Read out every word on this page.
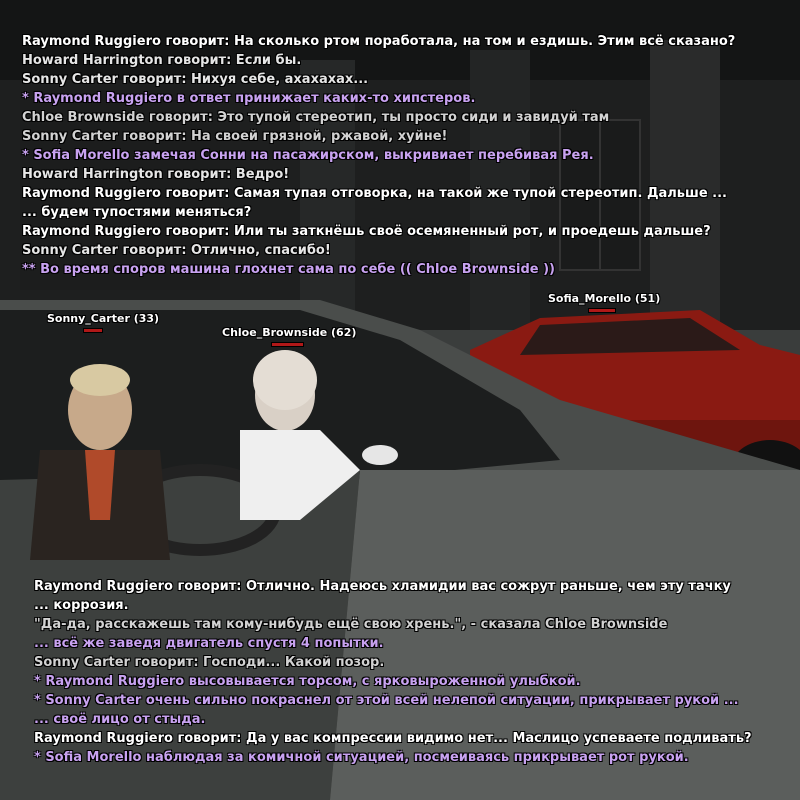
Raymond Ruggiero говорит: На сколько ртом поработала, на том и ездишь. Этим всё сказано?
Howard Harrington говорит: Если бы.
Sonny Carter говорит: Нихуя себе, ахахахах...
* Raymond Ruggiero в ответ принижает каких-то хипстеров.
Chloe Brownside говорит: Это тупой стереотип, ты просто сиди и завидуй там
Sonny Carter говорит: На своей грязной, ржавой, хуйне!
* Sofia Morello замечая Сонни на пасажирском, выкривиает перебивая Рея.
Howard Harrington говорит: Ведро!
Raymond Ruggiero говорит: Самая тупая отговорка, на такой же тупой стереотип. Дальше ...
... будем тупостями меняться?
Raymond Ruggiero говорит: Или ты заткнёшь своё осемяненный рот, и проедешь дальше?
Sonny Carter говорит: Отлично, спасибо!
** Во время споров машина глохнет сама по себе (( Chloe Brownside ))
Sofia_Morello (51)
Sonny_Carter (33)
Chloe_Brownside (62)
Raymond Ruggiero говорит: Отлично. Надеюсь хламидии вас сожрут раньше, чем эту тачку
... коррозия.
"Да-да, расскажешь там кому-нибудь ещё свою хрень.", - сказала Chloe Brownside
... всё же заведя двигатель спустя 4 попытки.
Sonny Carter говорит: Господи... Какой позор.
* Raymond Ruggiero высовывается торсом, с ярковыроженной улыбкой.
* Sonny Carter очень сильно покраснел от этой всей нелепой ситуации, прикрывает рукой ...
... своё лицо от стыда.
Raymond Ruggiero говорит: Да у вас компрессии видимо нет... Маслицо успеваете подливать?
* Sofia Morello наблюдая за комичной ситуацией, посмеиваясь прикрывает рот рукой.
